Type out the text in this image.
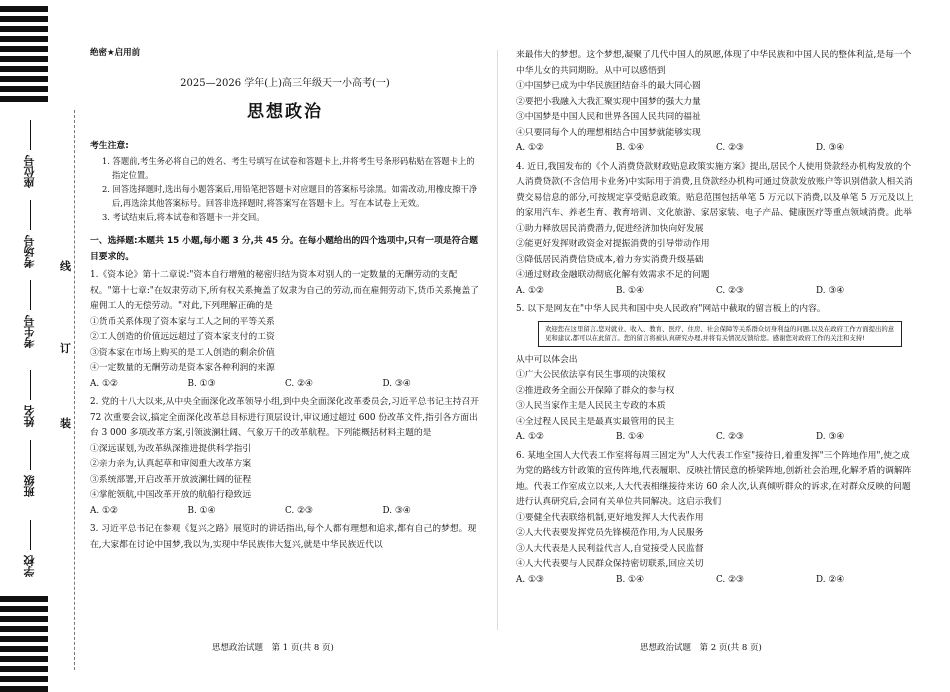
座位号
考场号
考生号
姓名
班级
学校
线
订
装
绝密★启用前
2025—2026 学年(上)高三年级天一小高考(一)
思想政治
考生注意:

1. 答题前,考生务必将自己的姓名、考生号填写在试卷和答题卡上,并将考生号条形码粘贴在答题卡上的指定位置。

2. 回答选择题时,选出每小题答案后,用铅笔把答题卡对应题目的答案标号涂黑。如需改动,用橡皮擦干净后,再选涂其他答案标号。回答非选择题时,将答案写在答题卡上。写在本试卷上无效。

3. 考试结束后,将本试卷和答题卡一并交回。

一、选择题:本题共 15 小题,每小题 3 分,共 45 分。在每小题给出的四个选项中,只有一项是符合题目要求的。

1.《资本论》第十二章说:"资本自行增殖的秘密归结为资本对别人的一定数量的无酬劳动的支配权。"第十七章:"在奴隶劳动下,所有权关系掩盖了奴隶为自己的劳动,而在雇佣劳动下,货币关系掩盖了雇佣工人的无偿劳动。"对此,下列理解正确的是

①货币关系体现了资本家与工人之间的平等关系

②工人创造的价值远远超过了资本家支付的工资

③资本家在市场上购买的是工人创造的剩余价值

④一定数量的无酬劳动是资本家各种利润的来源

A. ①②	B. ①③	C. ②④	D. ③④

2. 党的十八大以来,从中央全面深化改革领导小组,到中央全面深化改革委员会,习近平总书记主持召开 72 次重要会议,搞定全面深化改革总目标进行顶层设计,审议通过超过 600 份改革文件,指引各方面出台 3 000 多项改革方案,引领波澜壮阔、气象万千的改革航程。下列能概括材料主题的是

①深远谋划,为改革纵深推进提供科学指引

②亲力亲为,认真起草和审阅重大改革方案

③系统部署,开启改革开放波澜壮阔的征程

④掌舵领航,中国改革开放的航船行稳致远

A. ①②	B. ①④	C. ②③	D. ③④

3. 习近平总书记在参观《复兴之路》展览时的讲话指出,每个人都有理想和追求,都有自己的梦想。现在,大家都在讨论中国梦,我以为,实现中华民族伟大复兴,就是中华民族近代以

思想政治试题　第 1 页(共 8 页)

来最伟大的梦想。这个梦想,凝聚了几代中国人的夙愿,体现了中华民族和中国人民的整体利益,是每一个中华儿女的共同期盼。从中可以感悟到

①中国梦已成为中华民族团结奋斗的最大同心圆

②要把小我融入大我汇聚实现中国梦的强大力量

③中国梦是中国人民和世界各国人民共同的福祉

④只要同每个人的理想相结合中国梦就能够实现

A. ①②	B. ①④	C. ②③	D. ③④

4. 近日,我国发布的《个人消费贷款财政贴息政策实施方案》提出,居民个人使用贷款经办机构发放的个人消费贷款(不含信用卡业务)中实际用于消费,且贷款经办机构可通过贷款发放账户等识别借款人相关消费交易信息的部分,可按规定享受贴息政策。贴息范围包括单笔 5 万元以下消费,以及单笔 5 万元及以上的家用汽车、养老生育、教育培训、文化旅游、家居家装、电子产品、健康医疗等重点领域消费。此举

①助力释放居民消费潜力,促进经济加快向好发展

②能更好发挥财政资金对提振消费的引导带动作用

③降低居民消费信贷成本,着力夯实消费升级基础

④通过财政金融联动彻底化解有效需求不足的问题

A. ①②	B. ①④	C. ②③	D. ③④

5. 以下是网友在"中华人民共和国中央人民政府"网站中截取的留言板上的内容。

欢迎您在这里留言,您对就业、收入、教育、医疗、住房、社会保障等关系群众切身利益的问题,以及在政府工作方面提出的意见和建议,都可以在此留言。您的留言将被认真研究办理,并将有关情况反馈给您。感谢您对政府工作的关注和支持!

从中可以体会出

①广大公民依法享有民生事项的决策权

②推进政务全面公开保障了群众的参与权

③人民当家作主是人民民主专政的本质

④全过程人民民主是最真实最管用的民主

A. ①②	B. ①④	C. ②③	D. ③④

6. 某地全国人大代表工作室将每周三固定为"人大代表工作室"接待日,着重发挥"三个阵地作用",使之成为党的路线方针政策的宣传阵地,代表履职、反映社情民意的桥梁阵地,创新社会治理,化解矛盾的调解阵地。代表工作室成立以来,人大代表相继接待来访 60 余人次,认真倾听群众的诉求,在对群众反映的问题进行认真研究后,会同有关单位共同解决。这启示我们

①要健全代表联络机制,更好地发挥人大代表作用

②人大代表要发挥党员先锋模范作用,为人民服务

③人大代表是人民利益代言人,自觉接受人民监督

④人大代表要与人民群众保持密切联系,回应关切

A. ①③	B. ①④	C. ②③	D. ②④
思想政治试题　第 2 页(共 8 页)
